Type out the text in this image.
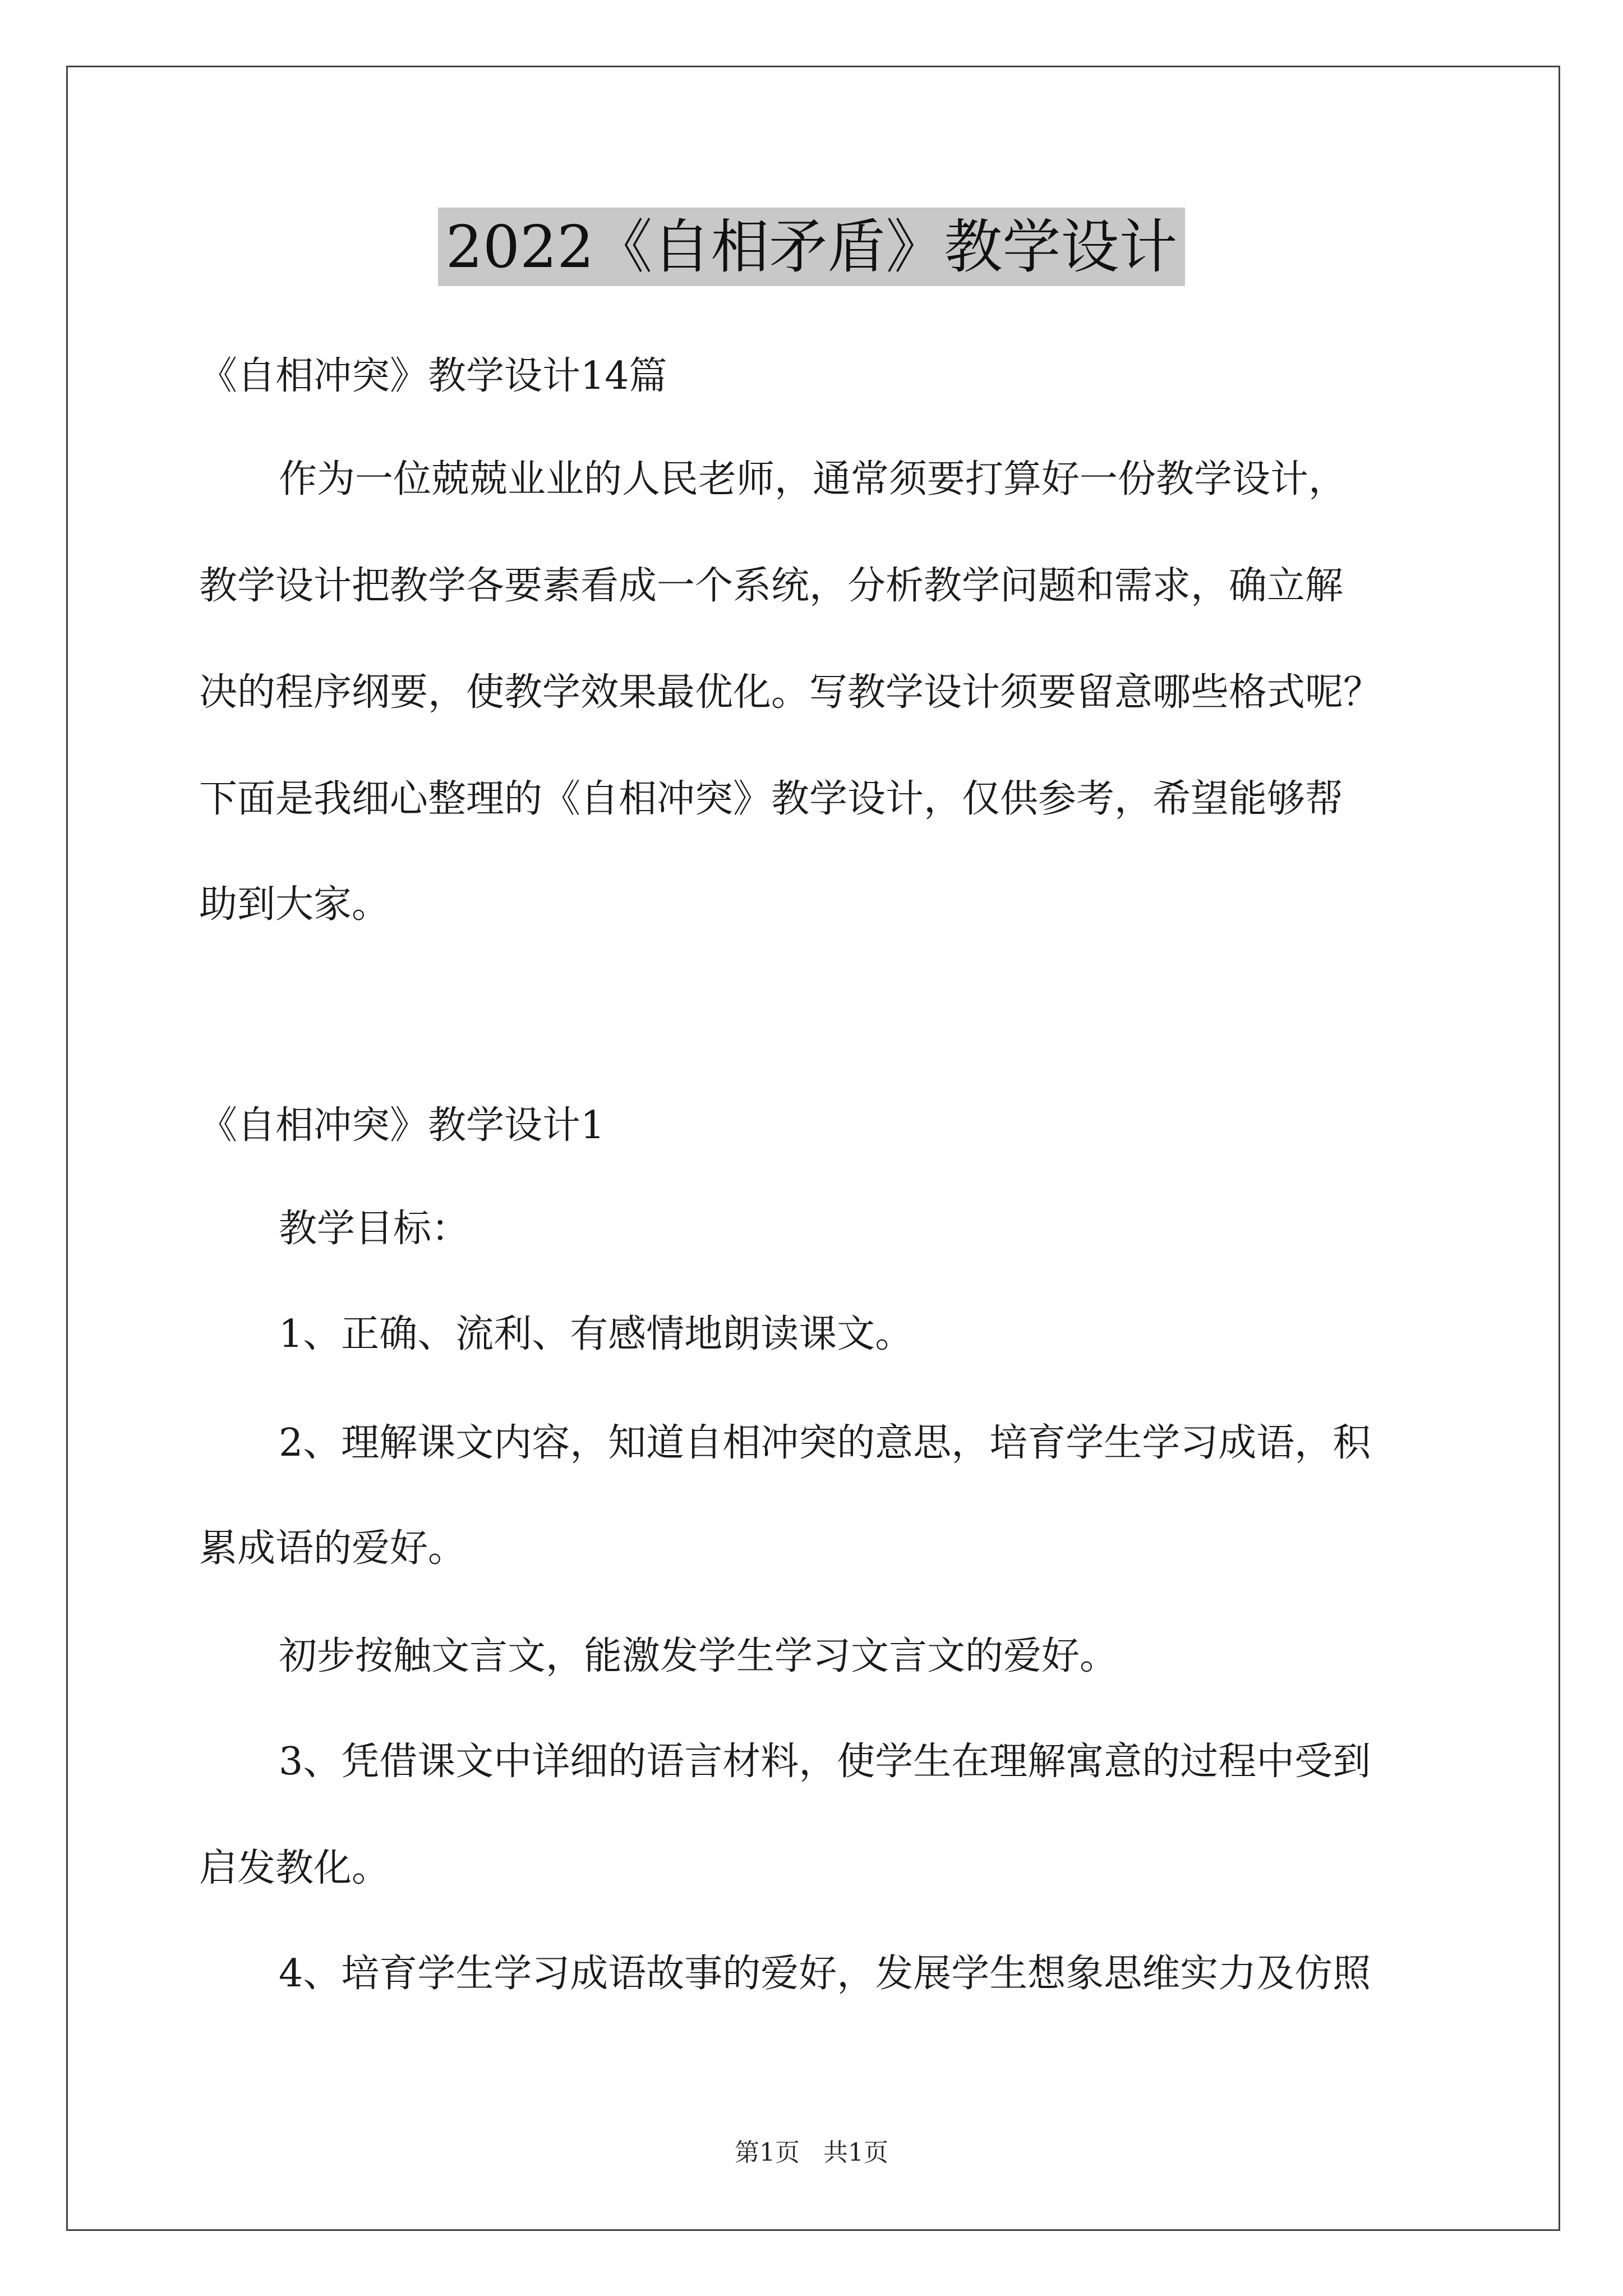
2022《自相矛盾》教学设计
《自相冲突》教学设计14篇
作为一位兢兢业业的人民老师，通常须要打算好一份教学设计，
教学设计把教学各要素看成一个系统，分析教学问题和需求，确立解
决的程序纲要，使教学效果最优化。写教学设计须要留意哪些格式呢？
下面是我细心整理的《自相冲突》教学设计，仅供参考，希望能够帮
助到大家。
《自相冲突》教学设计1
教学目标：
1、正确、流利、有感情地朗读课文。
2、理解课文内容，知道自相冲突的意思，培育学生学习成语，积
累成语的爱好。
初步按触文言文，能激发学生学习文言文的爱好。
3、凭借课文中详细的语言材料，使学生在理解寓意的过程中受到
启发教化。
4、培育学生学习成语故事的爱好，发展学生想象思维实力及仿照
第1页   共1页
